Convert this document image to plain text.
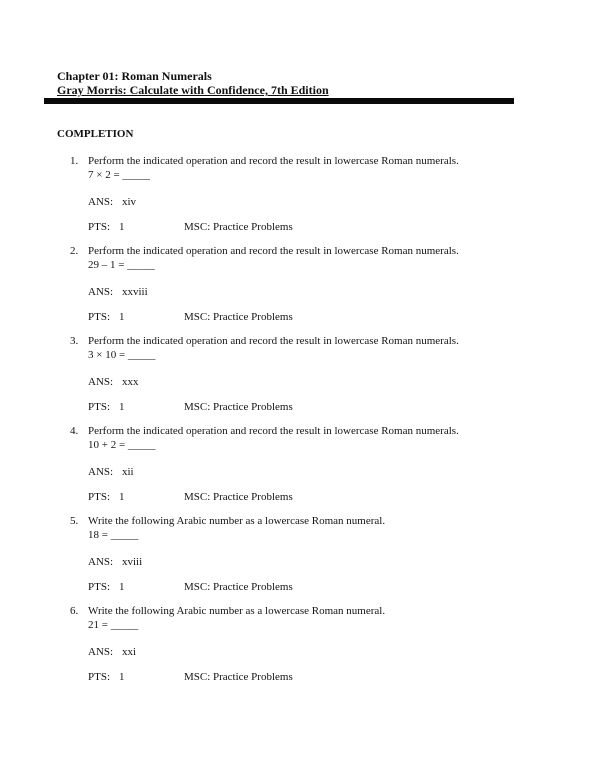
Chapter 01: Roman Numerals
Gray Morris: Calculate with Confidence, 7th Edition
COMPLETION
1. Perform the indicated operation and record the result in lowercase Roman numerals.
7 × 2 = _____
ANS: xiv
PTS: 1	MSC: Practice Problems
2. Perform the indicated operation and record the result in lowercase Roman numerals.
29 – 1 = _____
ANS: xxviii
PTS: 1	MSC: Practice Problems
3. Perform the indicated operation and record the result in lowercase Roman numerals.
3 × 10 = _____
ANS: xxx
PTS: 1	MSC: Practice Problems
4. Perform the indicated operation and record the result in lowercase Roman numerals.
10 + 2 = _____
ANS: xii
PTS: 1	MSC: Practice Problems
5. Write the following Arabic number as a lowercase Roman numeral.
18 = _____
ANS: xviii
PTS: 1	MSC: Practice Problems
6. Write the following Arabic number as a lowercase Roman numeral.
21 = _____
ANS: xxi
PTS: 1	MSC: Practice Problems
